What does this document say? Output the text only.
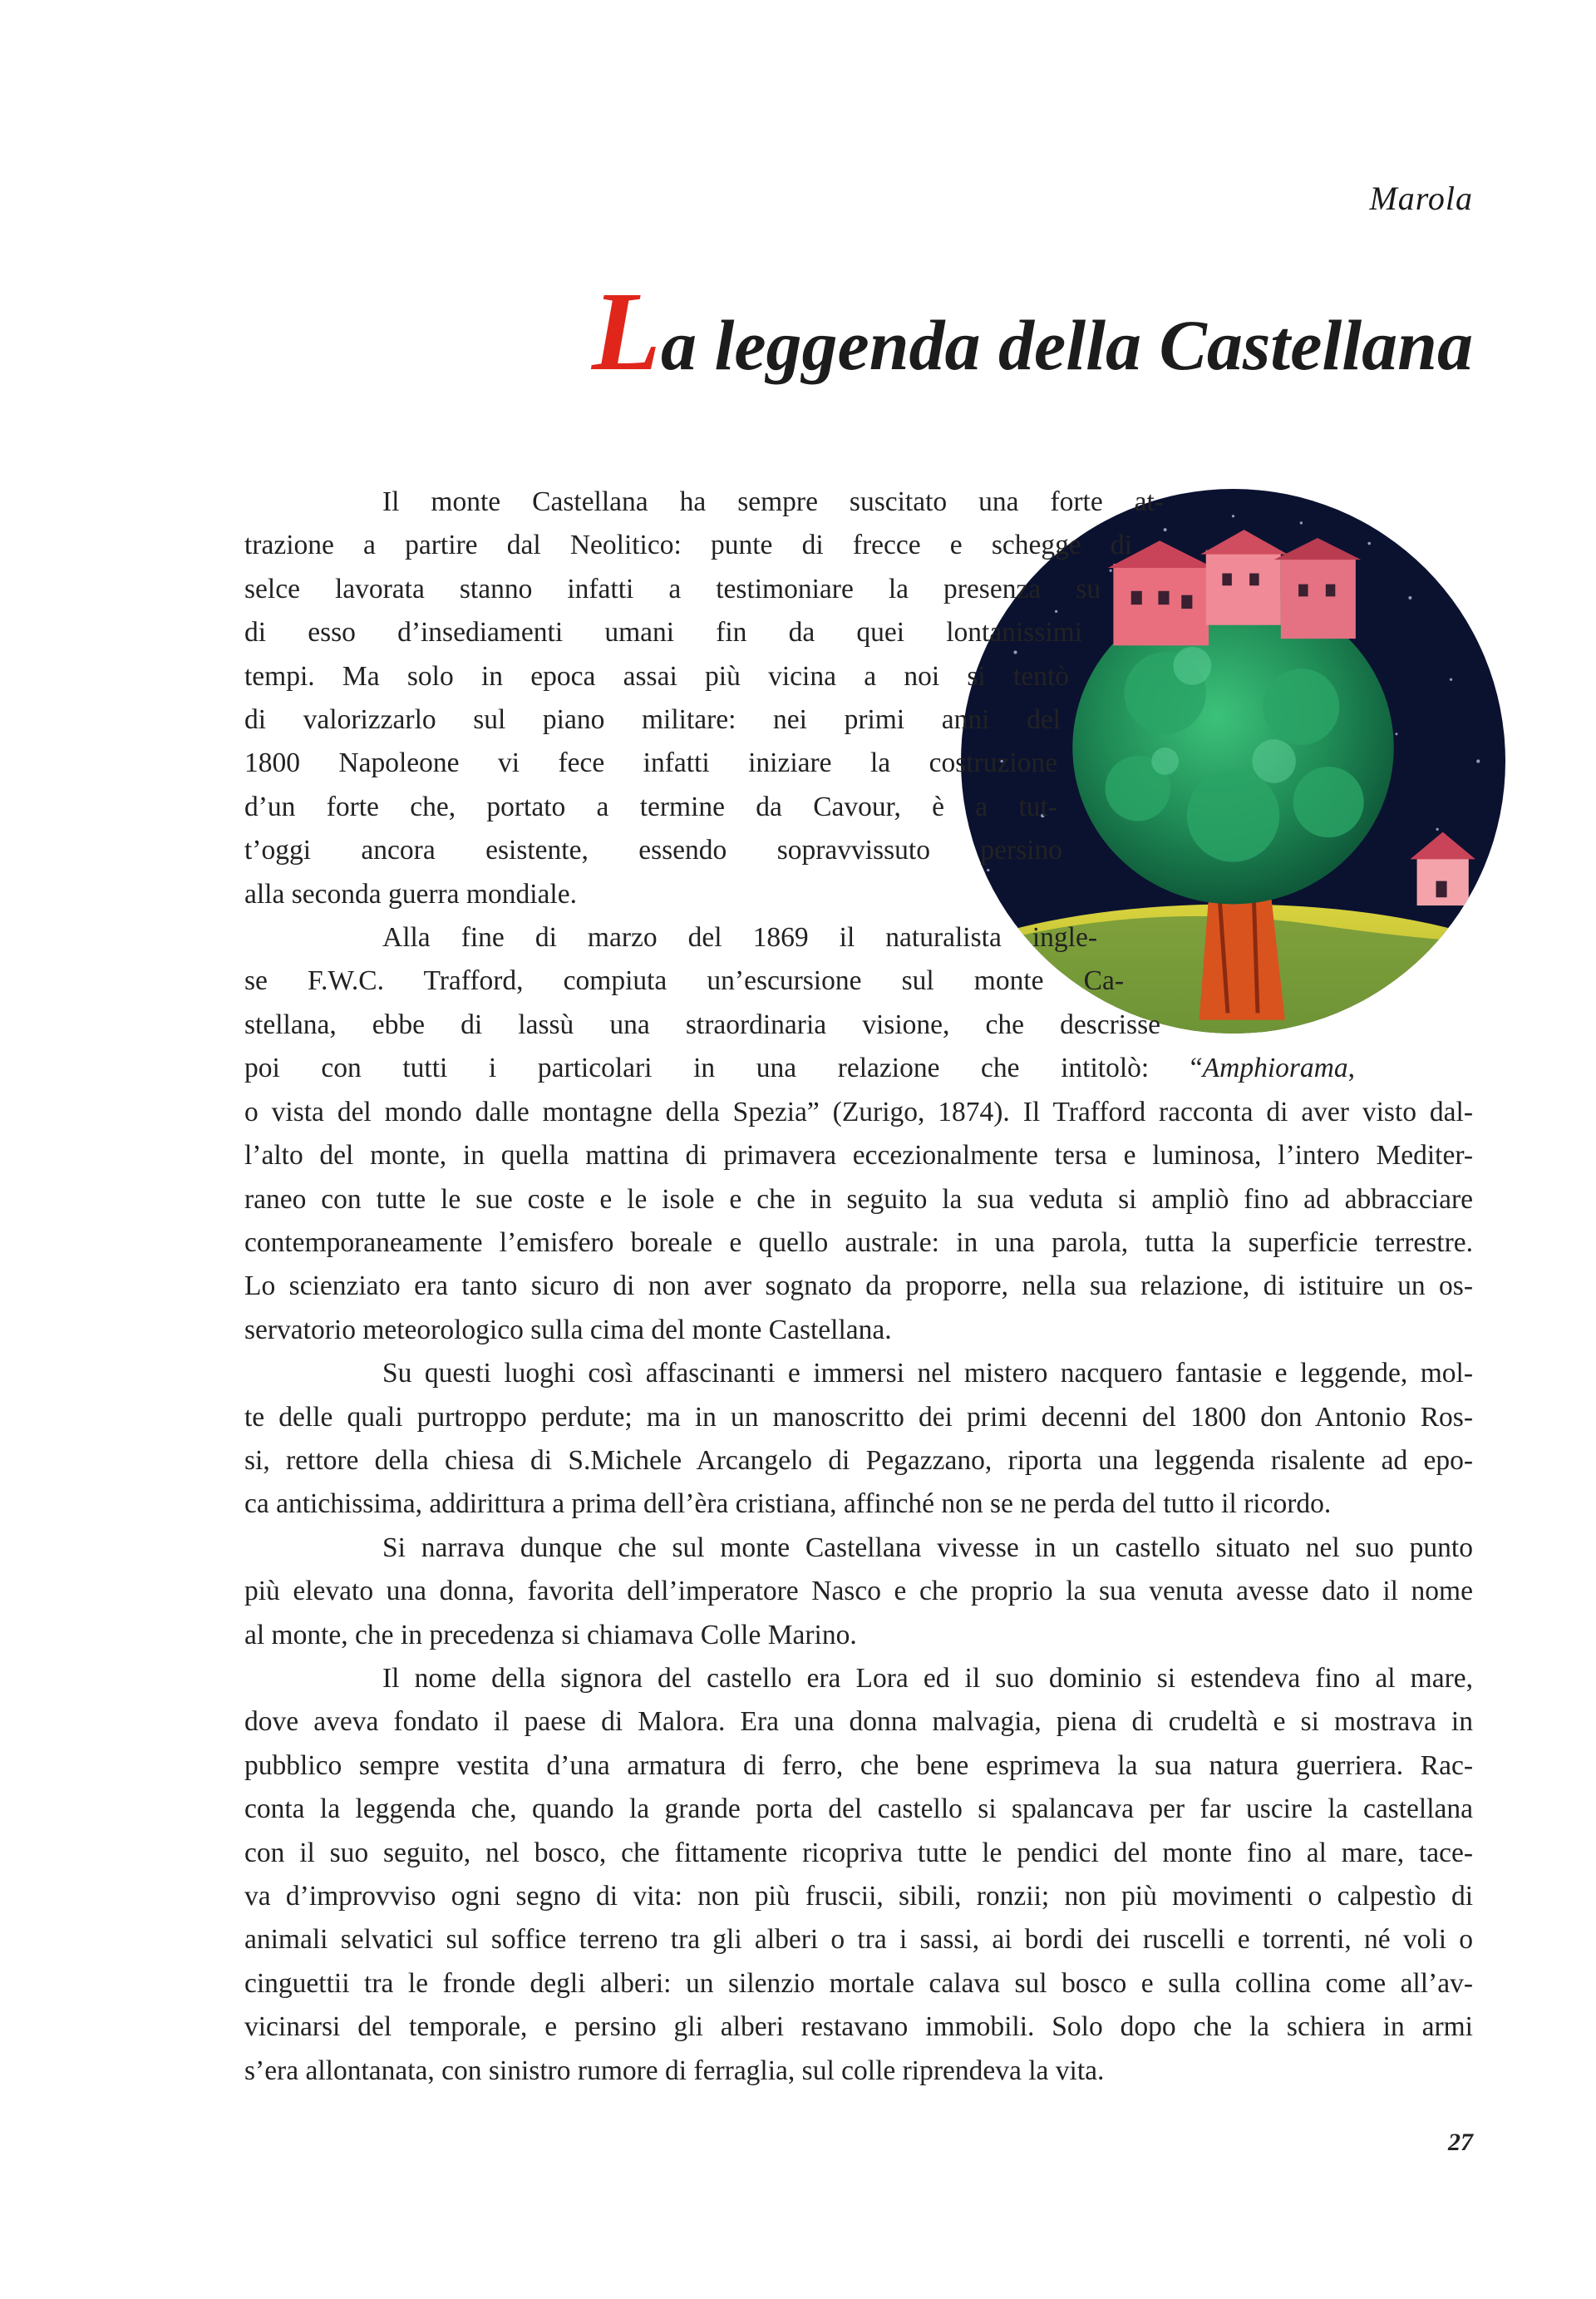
Marola
La leggenda della Castellana

Il monte Castellana ha sempre suscitato una forte at-
trazione a partire dal Neolitico: punte di frecce e schegge di
selce lavorata stanno infatti a testimoniare la presenza su
di esso d’insediamenti umani fin da quei lontanissimi
tempi. Ma solo in epoca assai più vicina a noi si tentò
di valorizzarlo sul piano militare: nei primi anni del
1800 Napoleone vi fece infatti iniziare la costruzione
d’un forte che, portato a termine da Cavour, è a tut-
t’oggi ancora esistente, essendo sopravvissuto persino
alla seconda guerra mondiale.

Alla fine di marzo del 1869 il naturalista ingle-
se F.W.C. Trafford, compiuta un’escursione sul monte Ca-
stellana, ebbe di lassù una straordinaria visione, che descrisse
poi con tutti i particolari in una relazione che intitolò: “Amphiorama,
o vista del mondo dalle montagne della Spezia” (Zurigo, 1874). Il Trafford racconta di aver visto dal-
l’alto del monte, in quella mattina di primavera eccezionalmente tersa e luminosa, l’intero Mediter-
raneo con tutte le sue coste e le isole e che in seguito la sua veduta si ampliò fino ad abbracciare
contemporaneamente l’emisfero boreale e quello australe: in una parola, tutta la superficie terrestre.
Lo scienziato era tanto sicuro di non aver sognato da proporre, nella sua relazione, di istituire un os-
servatorio meteorologico sulla cima del monte Castellana.

Su questi luoghi così affascinanti e immersi nel mistero nacquero fantasie e leggende, mol-
te delle quali purtroppo perdute; ma in un manoscritto dei primi decenni del 1800 don Antonio Ros-
si, rettore della chiesa di S.Michele Arcangelo di Pegazzano, riporta una leggenda risalente ad epo-
ca antichissima, addirittura a prima dell’èra cristiana, affinché non se ne perda del tutto il ricordo.

Si narrava dunque che sul monte Castellana vivesse in un castello situato nel suo punto
più elevato una donna, favorita dell’imperatore Nasco e che proprio la sua venuta avesse dato il nome
al monte, che in precedenza si chiamava Colle Marino.

Il nome della signora del castello era Lora ed il suo dominio si estendeva fino al mare,
dove aveva fondato il paese di Malora. Era una donna malvagia, piena di crudeltà e si mostrava in
pubblico sempre vestita d’una armatura di ferro, che bene esprimeva la sua natura guerriera. Rac-
conta la leggenda che, quando la grande porta del castello si spalancava per far uscire la castellana
con il suo seguito, nel bosco, che fittamente ricopriva tutte le pendici del monte fino al mare, tace-
va d’improvviso ogni segno di vita: non più fruscii, sibili, ronzii; non più movimenti o calpestìo di
animali selvatici sul soffice terreno tra gli alberi o tra i sassi, ai bordi dei ruscelli e torrenti, né voli o
cinguettii tra le fronde degli alberi: un silenzio mortale calava sul bosco e sulla collina come all’av-
vicinarsi del temporale, e persino gli alberi restavano immobili. Solo dopo che la schiera in armi
s’era allontanata, con sinistro rumore di ferraglia, sul colle riprendeva la vita.

27
